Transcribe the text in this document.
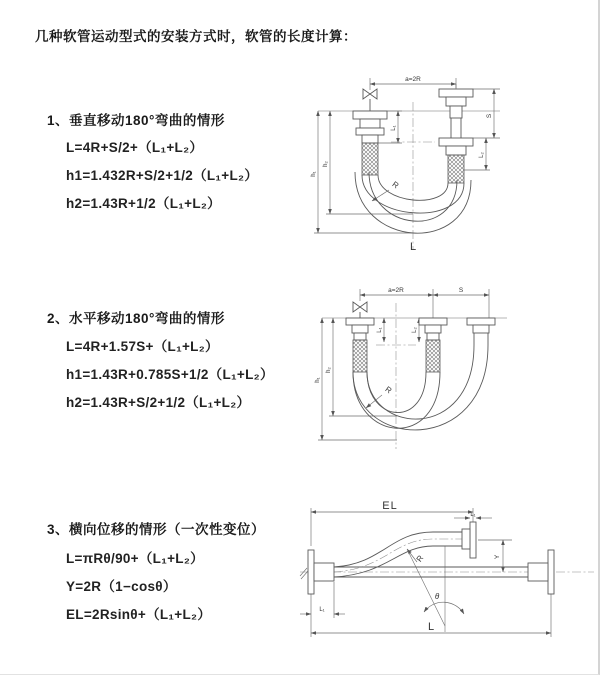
几种软管运动型式的安装方式时，软管的长度计算：
1、垂直移动180°弯曲的情形
L=4R+S/2+（L₁+L₂）
h1=1.432R+S/2+1/2（L₁+L₂）
h2=1.43R+1/2（L₁+L₂）
a=2R
S
L₁
L₂
h₁
h₂
R
L
2、水平移动180°弯曲的情形
L=4R+1.57S+（L₁+L₂）
h1=1.43R+0.785S+1/2（L₁+L₂）
h2=1.43R+S/2+1/2（L₁+L₂）
a=2R	S
L₁	L₂
h₁
h₂
R
3、横向位移的情形（一次性变位）
L=πRθ/90+（L₁+L₂）
Y=2R（1−cosθ）
EL=2Rsinθ+（L₁+L₂）
EL
L₁
Y
R
θ
L
L₁
